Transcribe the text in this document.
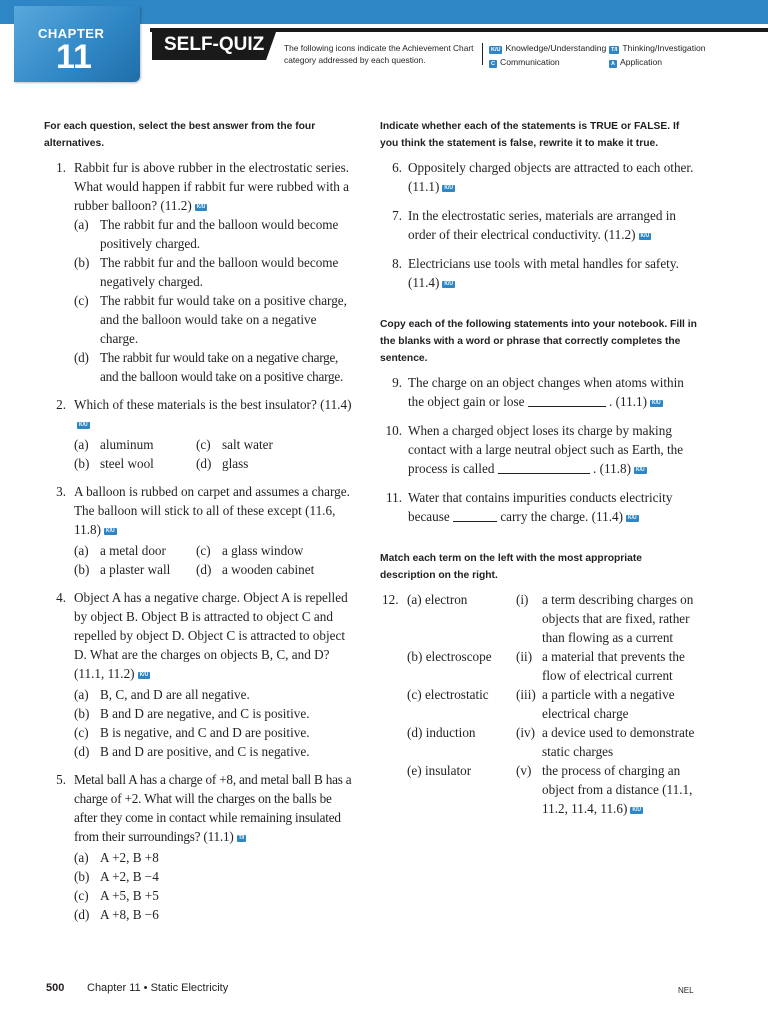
CHAPTER
11	SELF-QUIZ The following icons indicate the Achievement Chart category addressed by each question.
K/U Knowledge/Understanding T/I Thinking/Investigation
C Communication	A Application

For each question, select the best answer from the four alternatives.

1. Rabbit fur is above rubber in the electrostatic series. What would happen if rabbit fur were rubbed with a rubber balloon? (11.2) K/U

(a) The rabbit fur and the balloon would become positively charged.

(b) The rabbit fur and the balloon would become negatively charged.

(c) The rabbit fur would take on a positive charge, and the balloon would take on a negative charge.

(d) The rabbit fur would take on a negative charge, and the balloon would take on a positive charge.

2. Which of these materials is the best insulator? (11.4)K/U

(a) aluminum	(c) salt water
(b) steel wool	(d) glass
3. A balloon is rubbed on carpet and assumes a charge. The balloon will stick to all of these except (11.6, 11.8) K/U

(a) a metal door	(c) a glass window
(b) a plaster wall	(d) a wooden cabinet
4. Object A has a negative charge. Object A is repelled by object B. Object B is attracted to object C and repelled by object D. Object C is attracted to object D. What are the charges on objects B, C, and D? (11.1, 11.2) K/U

(a) B, C, and D are all negative.

(b) B and D are negative, and C is positive.

(c) B is negative, and C and D are positive.

(d) B and D are positive, and C is negative.

5. Metal ball A has a charge of +8, and metal ball B has a charge of +2. What will the charges on the balls be after they come in contact while remaining insulated from their surroundings? (11.1) T/I

(a) A +2, B +8

(b) A +2, B −4

(c) A +5, B +5

(d) A +8, B −6

Indicate whether each of the statements is TRUE or FALSE. If you think the statement is false, rewrite it to make it true.

6. Oppositely charged objects are attracted to each other. (11.1) K/U
7. In the electrostatic series, materials are arranged in order of their electrical conductivity. (11.2) K/U
8. Electricians use tools with metal handles for safety. (11.4) K/U

Copy each of the following statements into your notebook. Fill in the blanks with a word or phrase that correctly completes the sentence.

9. The charge on an object changes when atoms within the object gain or lose	. (11.1) K/U
10. When a charged object loses its charge by making contact with a large neutral object such as Earth, the process is called	. (11.8) K/U
11. Water that contains impurities conducts electricity because	carry the charge. (11.4) K/U

Match each term on the left with the most appropriate description on the right.

12. (a) electron	(i) a term describing charges on objects that are fixed, rather than flowing as a current
(b) electroscope	(ii) a material that prevents the flow of electrical current
(c) electrostatic	(iii) a particle with a negative electrical charge
(d) induction	(iv) a device used to demonstrate static charges
(e) insulator	(v) the process of charging an object from a distance (11.1, 11.2, 11.4, 11.6) K/U
500 Chapter 11 • Static Electricity	NEL
